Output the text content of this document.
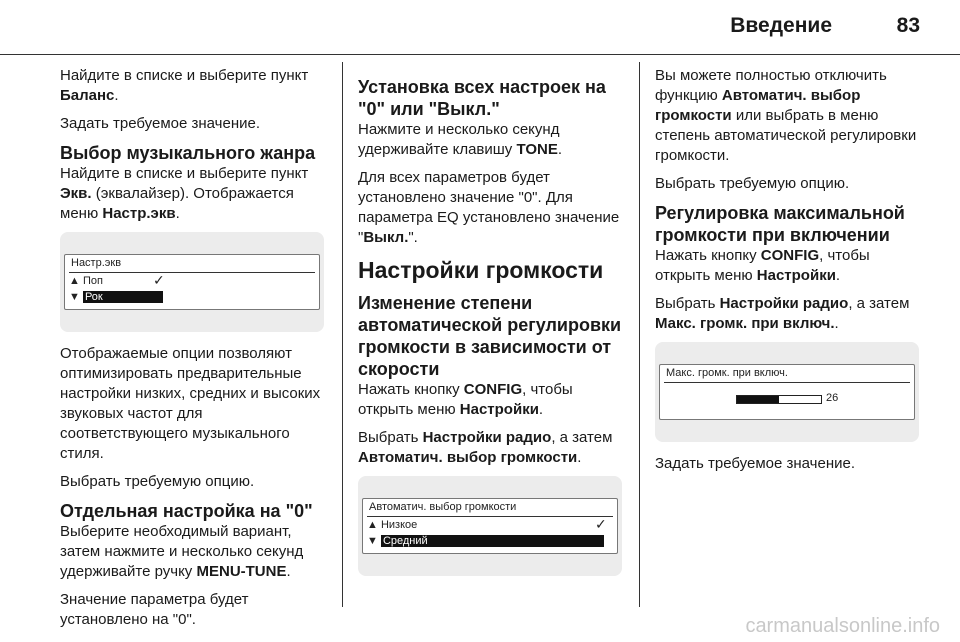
Введение	83

Найдите в списке и выберите пункт Баланс.

Задать требуемое значение.

Выбор музыкального жанра

Найдите в списке и выберите пункт Экв. (эквалайзер). Отображается меню Настр.экв.

Настр.экв
▲ Поп	✓
▼ Рок

Отображаемые опции позволяют оптимизировать предварительные настройки низких, средних и высоких звуковых частот для соответствующего музыкального стиля.

Выбрать требуемую опцию.

Отдельная настройка на "0"

Выберите необходимый вариант, затем нажмите и несколько секунд удерживайте ручку MENU-TUNE.

Значение параметра будет установлено на "0".

Установка всех настроек на "0" или "Выкл."

Нажмите и несколько секунд удерживайте клавишу TONE.

Для всех параметров будет установлено значение "0". Для параметра EQ установлено значение "Выкл.".

Настройки громкости
Изменение степени автоматической регулировки громкости в зависимости от скорости

Нажать кнопку CONFIG, чтобы открыть меню Настройки.

Выбрать Настройки радио, а затем Автоматич. выбор громкости.

Автоматич. выбор громкости
▲ Низкое	✓
▼ Средний

Вы можете полностью отключить функцию Автоматич. выбор громкости или выбрать в меню степень автоматической регулировки громкости.

Выбрать требуемую опцию.

Регулировка максимальной громкости при включении

Нажать кнопку CONFIG, чтобы открыть меню Настройки.

Выбрать Настройки радио, а затем Макс. громк. при включ..

Макс. громк. при включ.
26

Задать требуемое значение.

carmanualsonline.info
